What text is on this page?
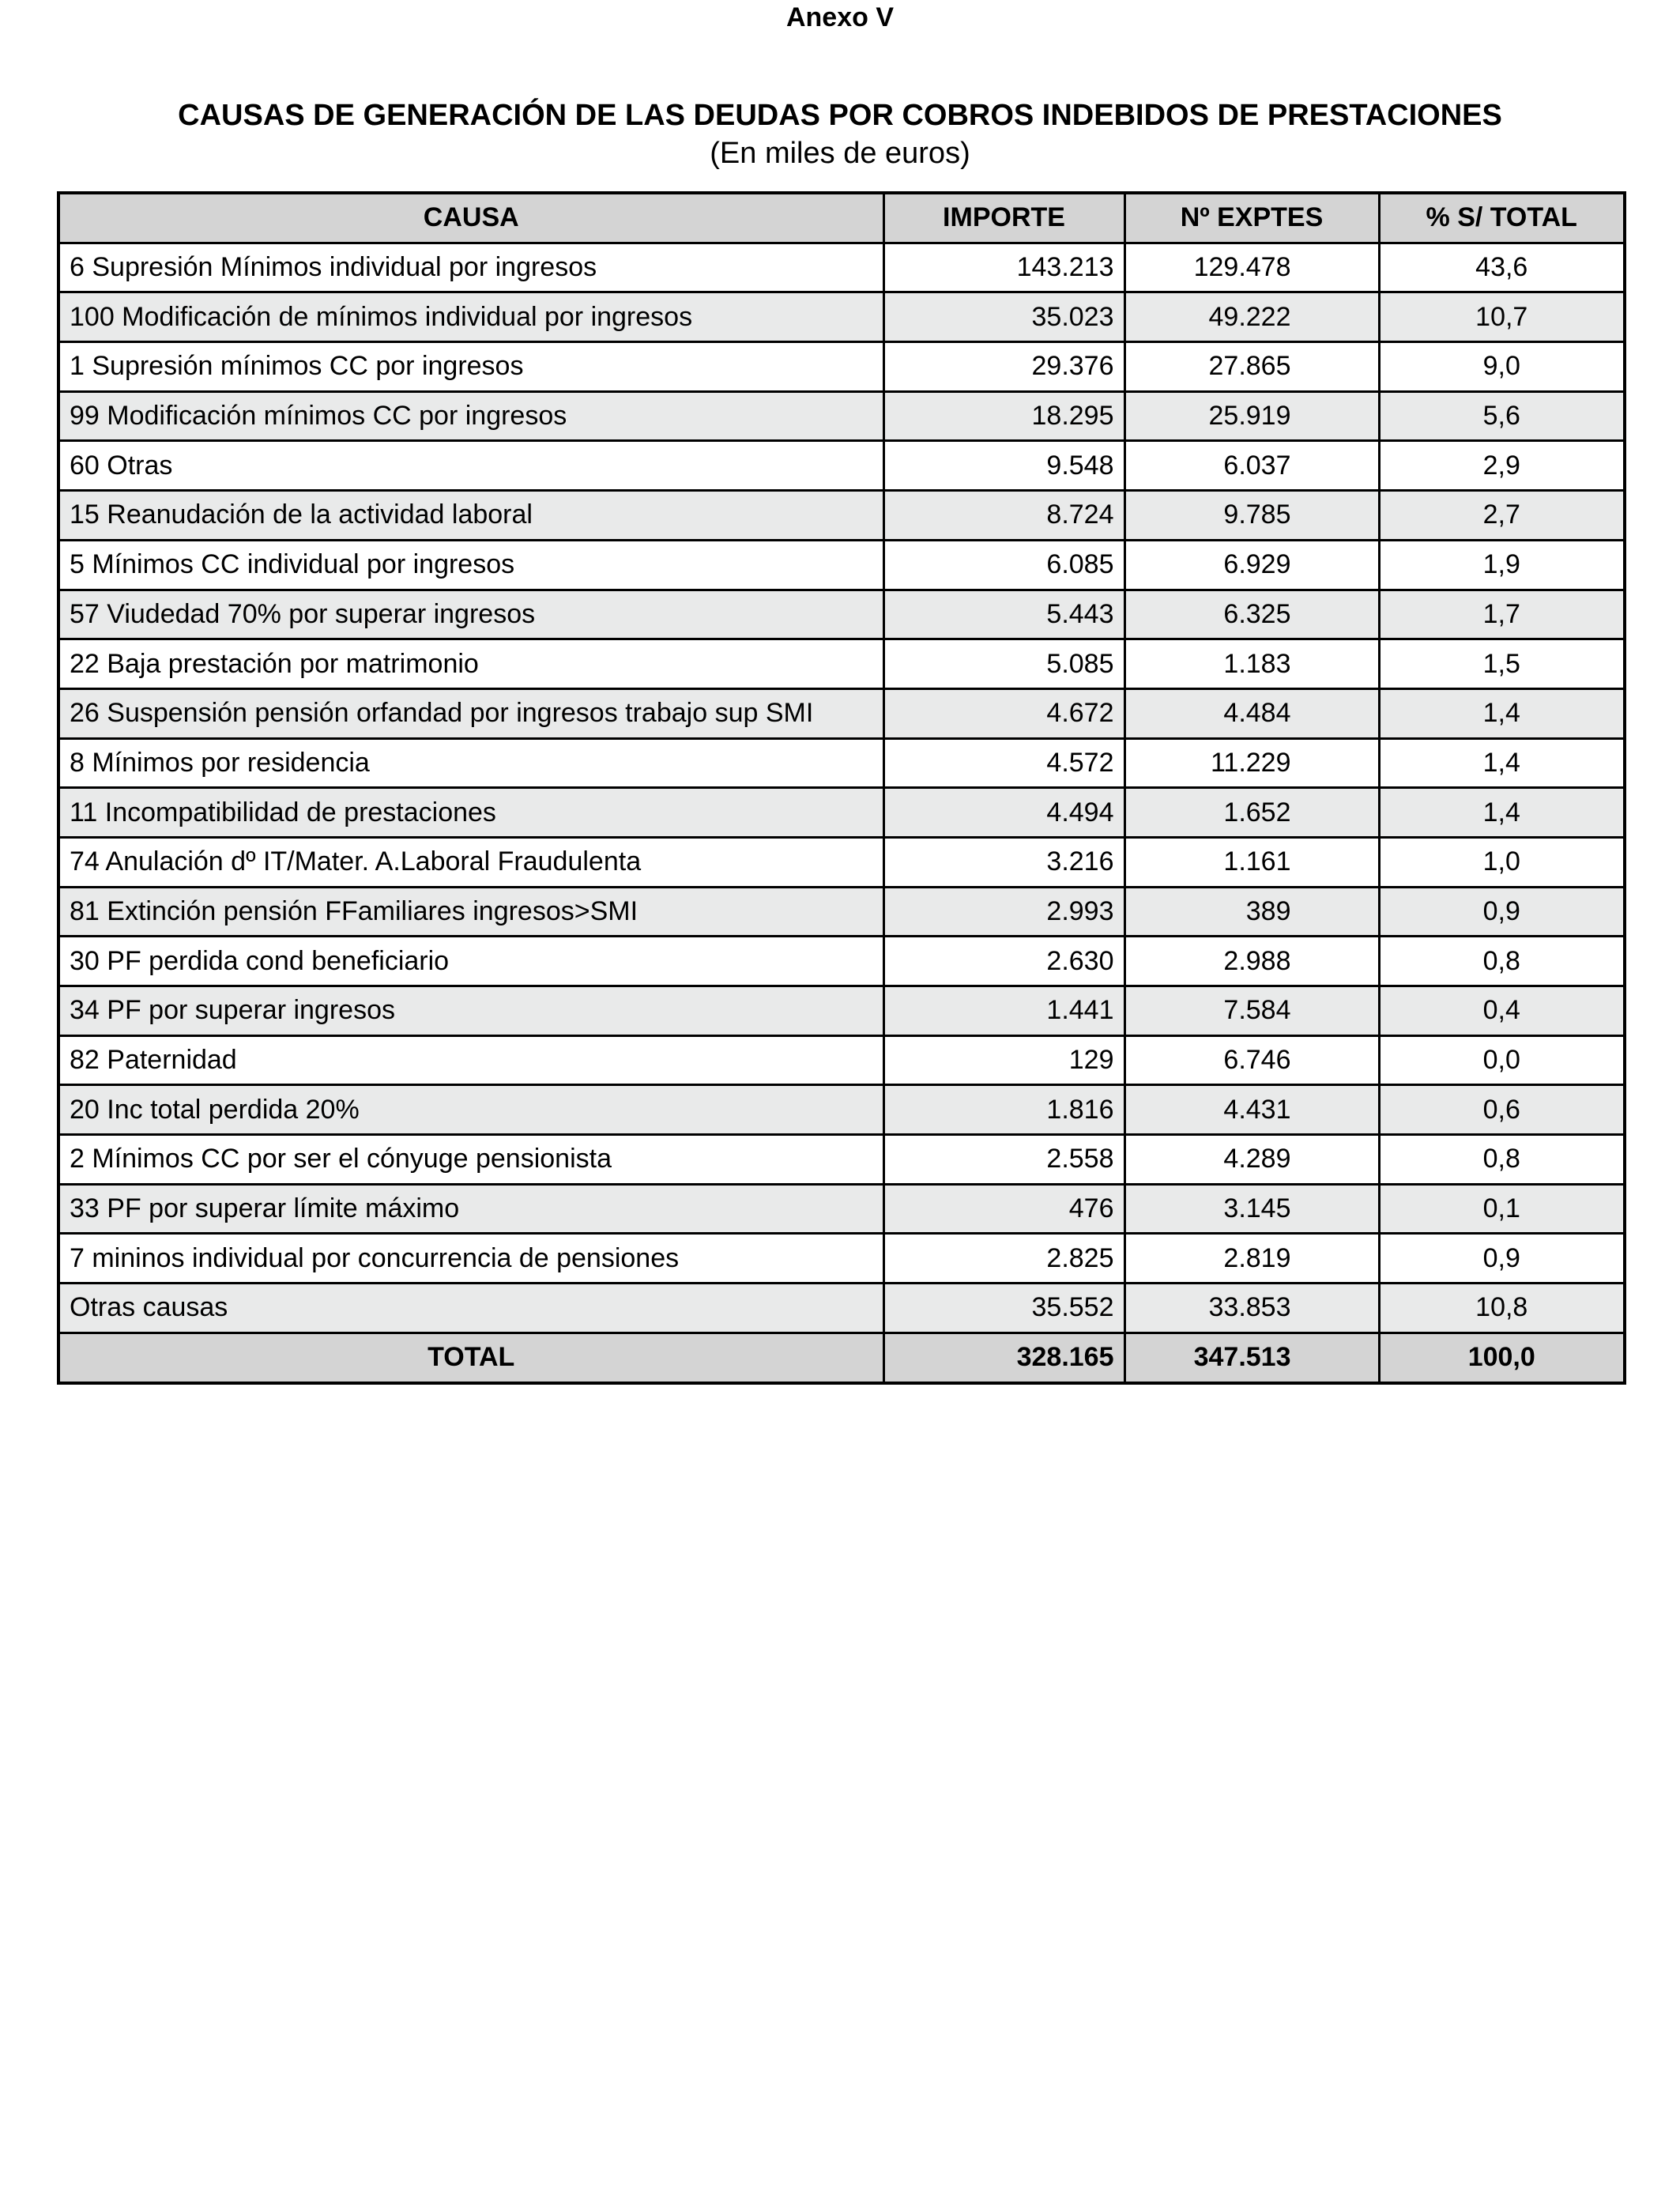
Anexo V
CAUSAS DE GENERACIÓN DE LAS DEUDAS POR COBROS INDEBIDOS DE PRESTACIONES
(En miles de euros)
CAUSA	IMPORTE	Nº EXPTES	% S/ TOTAL
6 Supresión Mínimos individual por ingresos	143.213	129.478	43,6
100 Modificación de mínimos individual por ingresos	35.023	49.222	10,7
1 Supresión mínimos CC por ingresos	29.376	27.865	9,0
99 Modificación mínimos CC por ingresos	18.295	25.919	5,6
60 Otras	9.548	6.037	2,9
15 Reanudación de la actividad laboral	8.724	9.785	2,7
5 Mínimos CC individual por ingresos	6.085	6.929	1,9
57 Viudedad 70% por superar ingresos	5.443	6.325	1,7
22 Baja prestación por matrimonio	5.085	1.183	1,5
26 Suspensión pensión orfandad por ingresos trabajo sup SMI	4.672	4.484	1,4
8 Mínimos por residencia	4.572	11.229	1,4
11 Incompatibilidad de prestaciones	4.494	1.652	1,4
74 Anulación dº IT/Mater. A.Laboral Fraudulenta	3.216	1.161	1,0
81 Extinción pensión FFamiliares ingresos>SMI	2.993	389	0,9
30 PF perdida cond beneficiario	2.630	2.988	0,8
34 PF por superar ingresos	1.441	7.584	0,4
82 Paternidad	129	6.746	0,0
20 Inc total perdida 20%	1.816	4.431	0,6
2 Mínimos CC por ser el cónyuge pensionista	2.558	4.289	0,8
33 PF por superar límite máximo	476	3.145	0,1
7 mininos individual por concurrencia de pensiones	2.825	2.819	0,9
Otras causas	35.552	33.853	10,8
TOTAL	328.165	347.513	100,0
